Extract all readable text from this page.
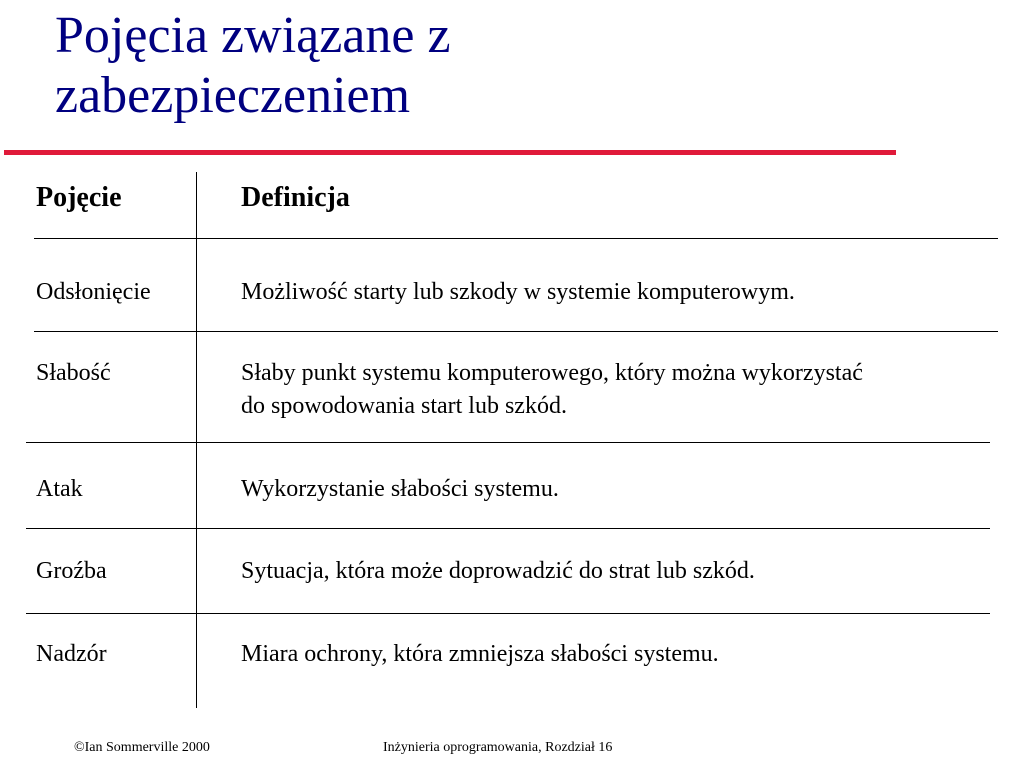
Pojęcia związane z
zabezpieczeniem

Pojęcie	Definicja

Odsłonięcie	Możliwość starty lub szkody w systemie komputerowym.

Słabość	Słaby punkt systemu komputerowego, który można wykorzystać
do spowodowania start lub szkód.

Atak	Wykorzystanie słabości systemu.

Groźba	Sytuacja, która może doprowadzić do strat lub szkód.

Nadzór	Miara ochrony, która zmniejsza słabości systemu.

©Ian Sommerville 2000	Inżynieria oprogramowania, Rozdział 16
